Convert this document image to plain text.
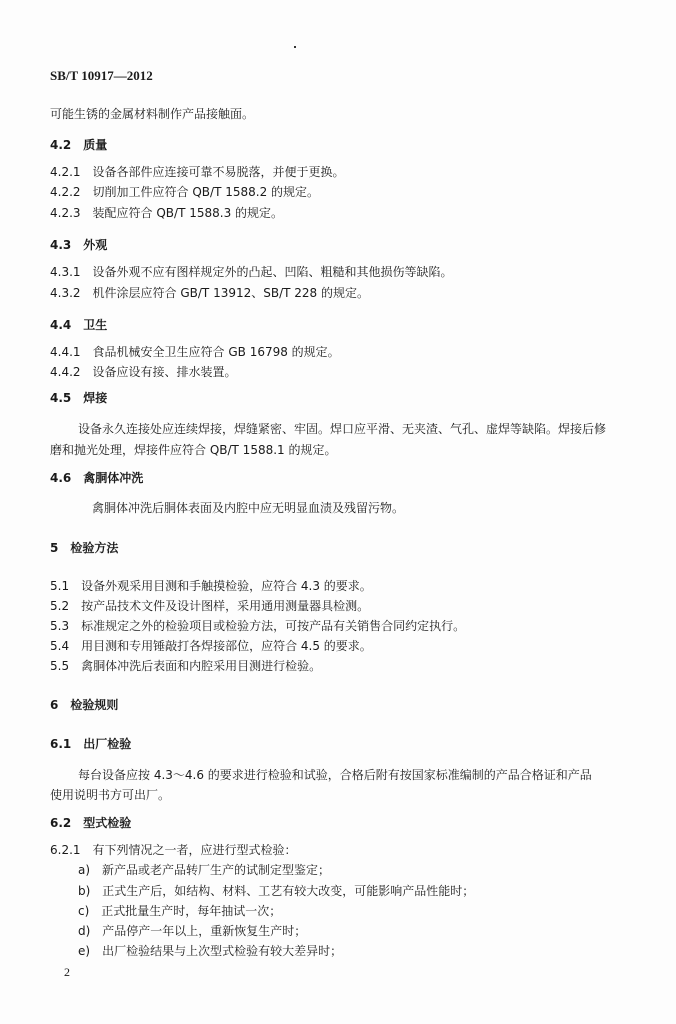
SB/T 10917—2012
可能生锈的金属材料制作产品接触面。
4.2　质量
4.2.1　设备各部件应连接可靠不易脱落，并便于更换。
4.2.2　切削加工件应符合 QB/T 1588.2 的规定。
4.2.3　装配应符合 QB/T 1588.3 的规定。
4.3　外观
4.3.1　设备外观不应有图样规定外的凸起、凹陷、粗糙和其他损伤等缺陷。
4.3.2　机件涂层应符合 GB/T 13912、SB/T 228 的规定。
4.4　卫生
4.4.1　食品机械安全卫生应符合 GB 16798 的规定。
4.4.2　设备应设有接、排水装置。
4.5　焊接
设备永久连接处应连续焊接，焊缝紧密、牢固。焊口应平滑、无夹渣、气孔、虚焊等缺陷。焊接后修
磨和抛光处理，焊接件应符合 QB/T 1588.1 的规定。
4.6　禽胴体冲洗
禽胴体冲洗后胴体表面及内腔中应无明显血渍及残留污物。
5　检验方法
5.1　设备外观采用目测和手触摸检验，应符合 4.3 的要求。
5.2　按产品技术文件及设计图样，采用通用测量器具检测。
5.3　标准规定之外的检验项目或检验方法，可按产品有关销售合同约定执行。
5.4　用目测和专用锤敲打各焊接部位，应符合 4.5 的要求。
5.5　禽胴体冲洗后表面和内腔采用目测进行检验。
6　检验规则
6.1　出厂检验
每台设备应按 4.3～4.6 的要求进行检验和试验，合格后附有按国家标准编制的产品合格证和产品
使用说明书方可出厂。
6.2　型式检验
6.2.1　有下列情况之一者，应进行型式检验：
a)　新产品或老产品转厂生产的试制定型鉴定；
b)　正式生产后，如结构、材料、工艺有较大改变，可能影响产品性能时；
c)　正式批量生产时，每年抽试一次；
d)　产品停产一年以上，重新恢复生产时；
e)　出厂检验结果与上次型式检验有较大差异时；
2
